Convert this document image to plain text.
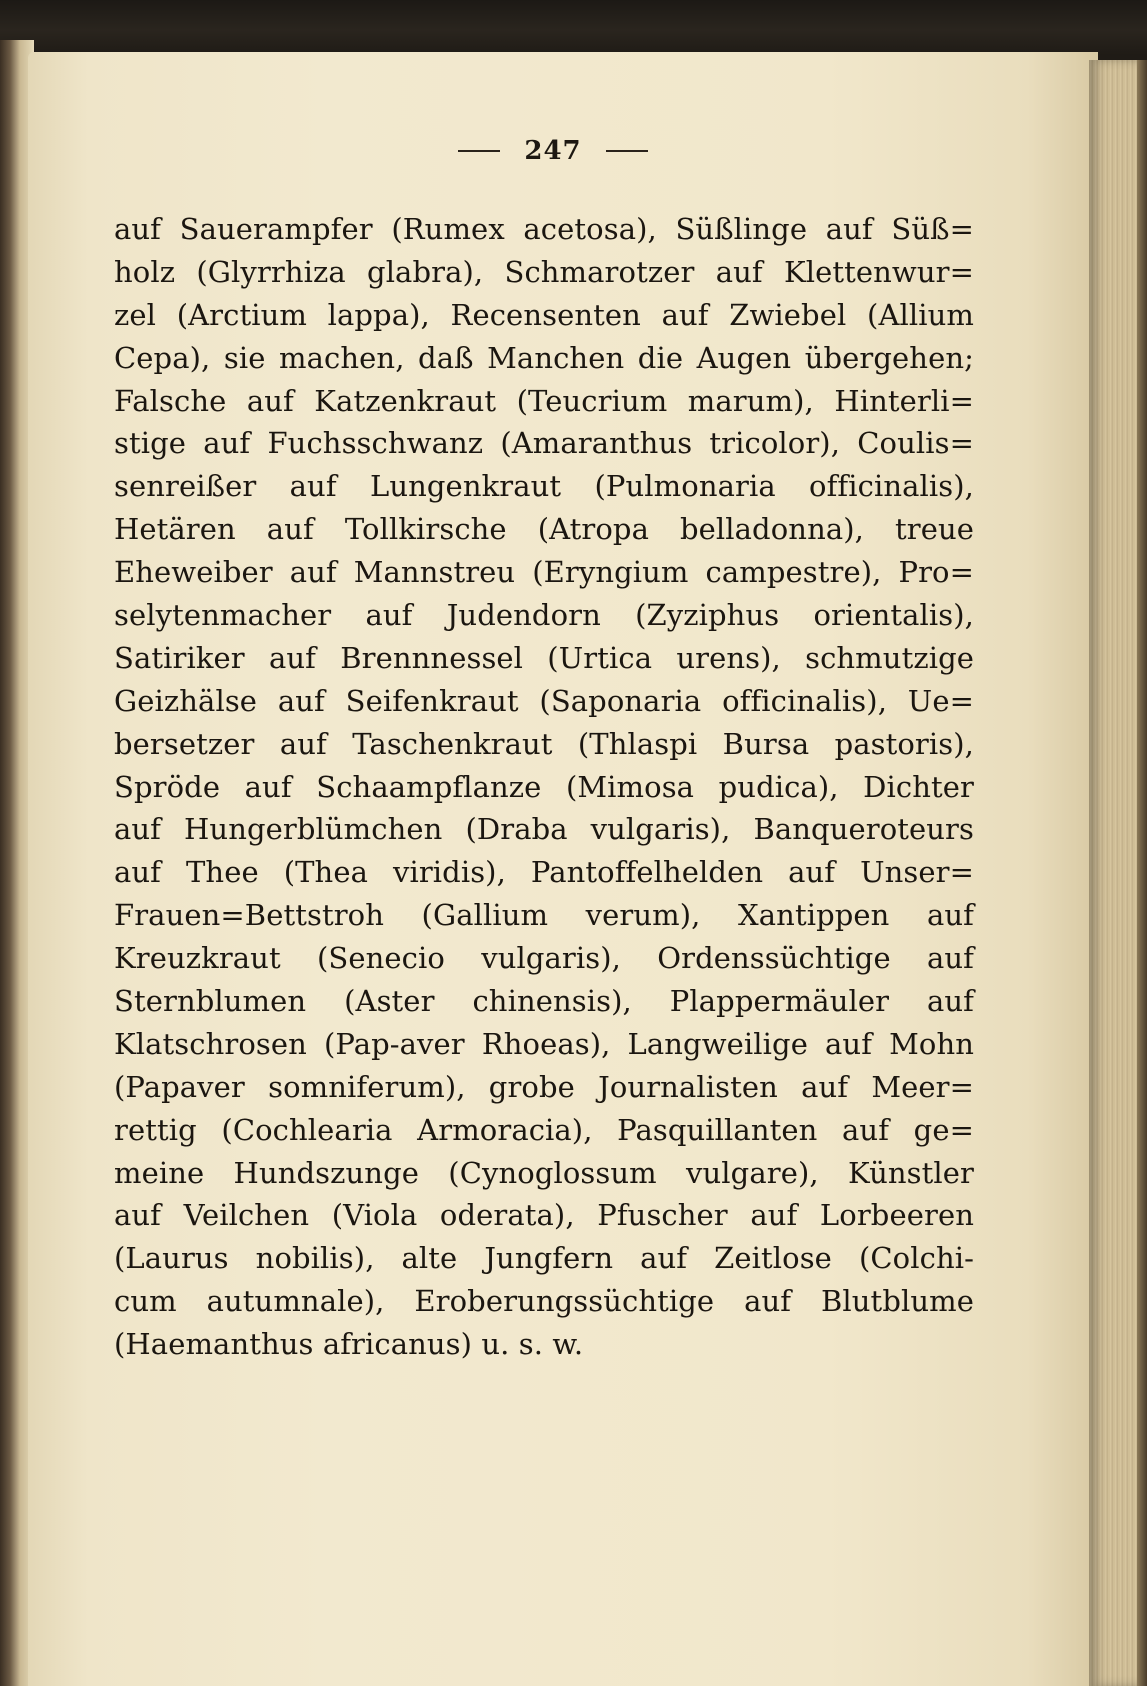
247
auf Sauerampfer (Rumex acetosa), Süßlinge auf Süß=
holz (Glyrrhiza glabra), Schmarotzer auf Klettenwur=
zel (Arctium lappa), Recensenten auf Zwiebel (Allium
Cepa), sie machen, daß Manchen die Augen übergehen;
Falsche auf Katzenkraut (Teucrium marum), Hinterli=
stige auf Fuchsschwanz (Amaranthus tricolor), Coulis=
senreißer auf Lungenkraut (Pulmonaria officinalis),
Hetären auf Tollkirsche (Atropa belladonna), treue
Eheweiber auf Mannstreu (Eryngium campestre), Pro=
selytenmacher auf Judendorn (Zyziphus orientalis),
Satiriker auf Brennnessel (Urtica urens), schmutzige
Geizhälse auf Seifenkraut (Saponaria officinalis), Ue=
bersetzer auf Taschenkraut (Thlaspi Bursa pastoris),
Spröde auf Schaampflanze (Mimosa pudica), Dichter
auf Hungerblümchen (Draba vulgaris), Banqueroteurs
auf Thee (Thea viridis), Pantoffelhelden auf Unser=
Frauen=Bettstroh (Gallium verum), Xantippen auf
Kreuzkraut (Senecio vulgaris), Ordenssüchtige auf
Sternblumen (Aster chinensis), Plappermäuler auf
Klatschrosen (Pap-aver Rhoeas), Langweilige auf Mohn
(Papaver somniferum), grobe Journalisten auf Meer=
rettig (Cochlearia Armoracia), Pasquillanten auf ge=
meine Hundszunge (Cynoglossum vulgare), Künstler
auf Veilchen (Viola oderata), Pfuscher auf Lorbeeren
(Laurus nobilis), alte Jungfern auf Zeitlose (Colchi-
cum autumnale), Eroberungssüchtige auf Blutblume
(Haemanthus africanus) u. s. w.
